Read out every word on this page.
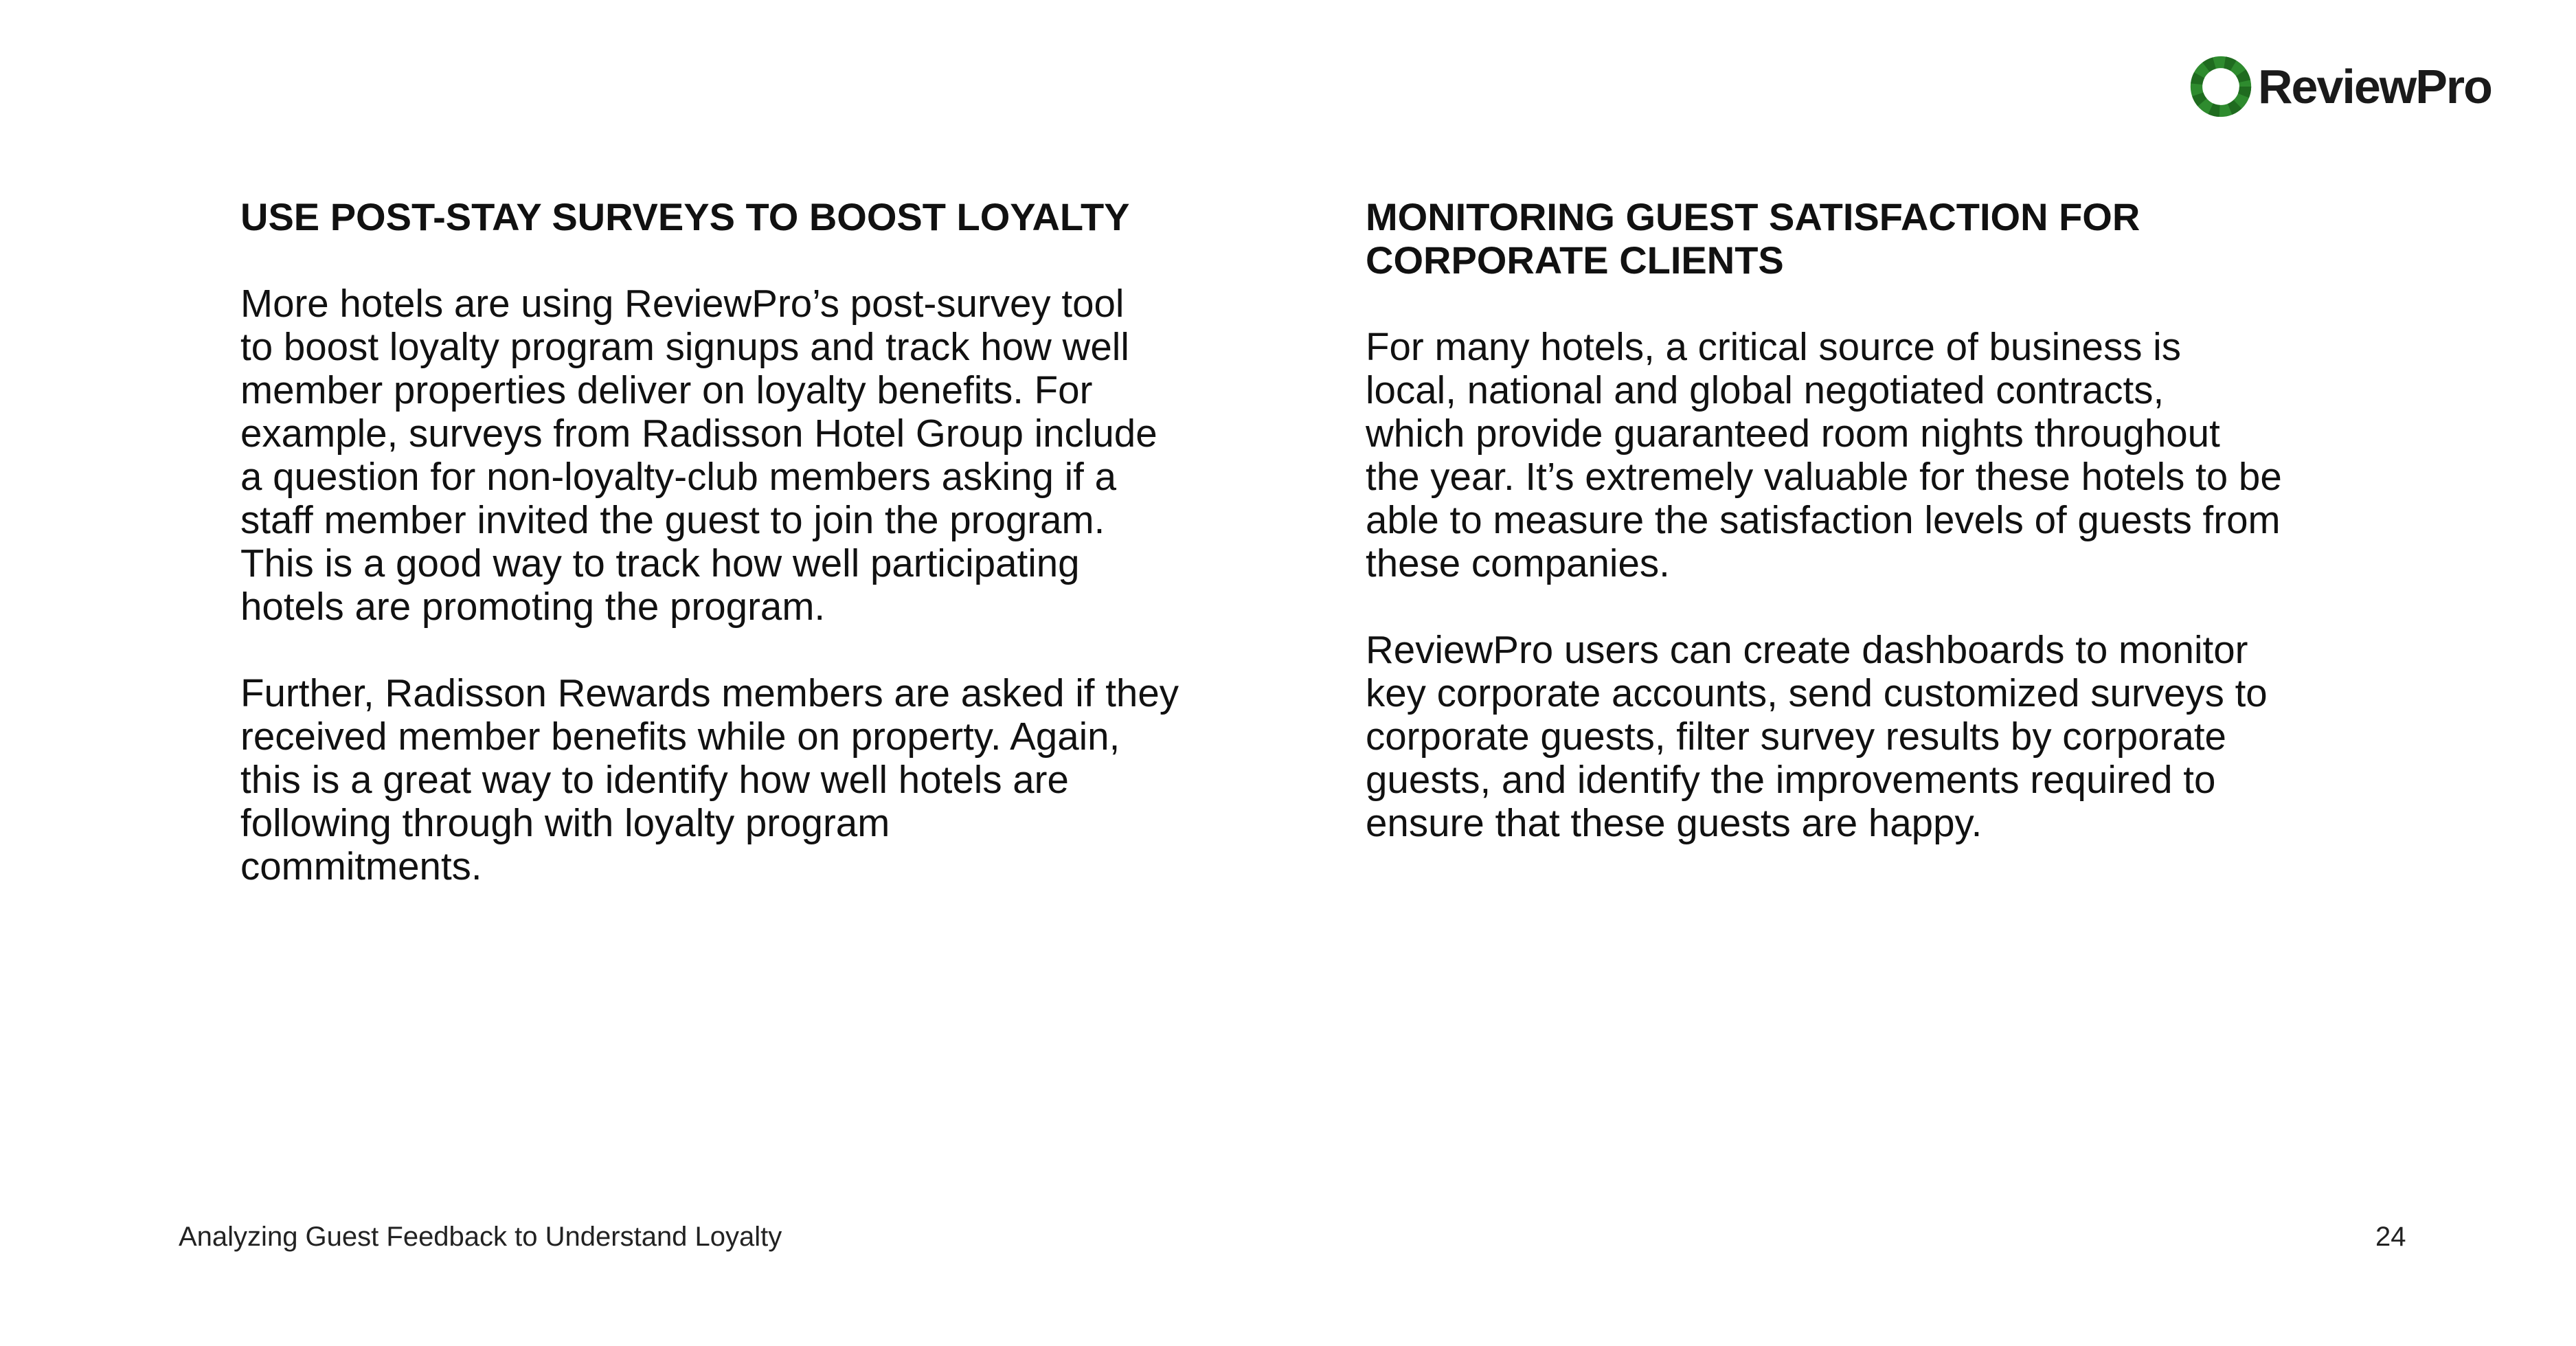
ReviewPro
USE POST-STAY SURVEYS TO BOOST LOYALTY

More hotels are using ReviewPro’s post-survey tool
to boost loyalty program signups and track how well
member properties deliver on loyalty benefits. For
example, surveys from Radisson Hotel Group include
a question for non-loyalty-club members asking if a
staff member invited the guest to join the program.
This is a good way to track how well participating
hotels are promoting the program.

Further, Radisson Rewards members are asked if they
received member benefits while on property. Again,
this is a great way to identify how well hotels are
following through with loyalty program
commitments.

MONITORING GUEST SATISFACTION FOR
CORPORATE CLIENTS

For many hotels, a critical source of business is
local, national and global negotiated contracts,
which provide guaranteed room nights throughout
the year. It’s extremely valuable for these hotels to be
able to measure the satisfaction levels of guests from
these companies.

ReviewPro users can create dashboards to monitor
key corporate accounts, send customized surveys to
corporate guests, filter survey results by corporate
guests, and identify the improvements required to
ensure that these guests are happy.

Analyzing Guest Feedback to Understand Loyalty	24
